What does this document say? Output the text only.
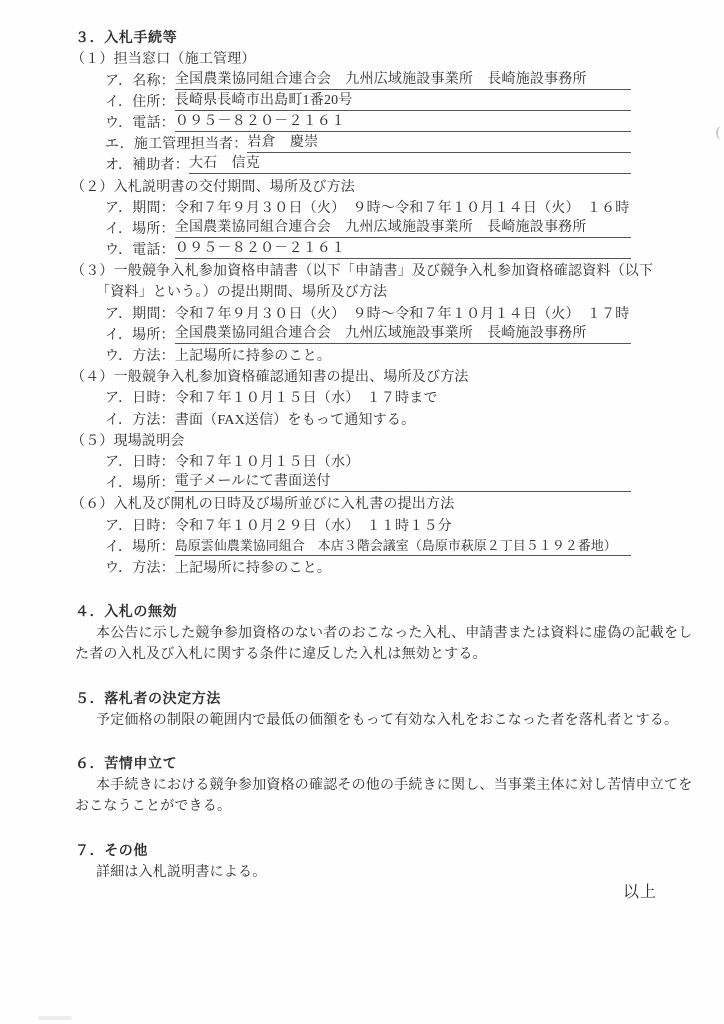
３．入札手続等
（１）担当窓口（施工管理）
ア．名称： 全国農業協同組合連合会　九州広域施設事業所　長崎施設事務所
イ．住所： 長崎県長崎市出島町1番20号
ウ．電話： ０９５－８２０－２１６１
エ．施工管理担当者： 岩倉　慶崇
オ．補助者： 大石　信克
（２）入札説明書の交付期間、場所及び方法
ア．期間：令和７年９月３０日（火）　９時～令和７年１０月１４日（火）　１６時
イ．場所： 全国農業協同組合連合会　九州広域施設事業所　長崎施設事務所
ウ．電話： ０９５－８２０－２１６１
（３）一般競争入札参加資格申請書（以下「申請書」及び競争入札参加資格確認資料（以下
「資料」という。）の提出期間、場所及び方法
ア．期間：令和７年９月３０日（火）　９時～令和７年１０月１４日（火）　１７時
イ．場所： 全国農業協同組合連合会　九州広域施設事業所　長崎施設事務所
ウ．方法：上記場所に持参のこと。
（４）一般競争入札参加資格確認通知書の提出、場所及び方法
ア．日時：令和７年１０月１５日（水）　１７時まで
イ．方法：書面（FAX送信）をもって通知する。
（５）現場説明会
ア．日時：令和７年１０月１５日（水）
イ．場所： 電子メールにて書面送付
（６）入札及び開札の日時及び場所並びに入札書の提出方法
ア．日時：令和７年１０月２９日（水）　１１時１５分
イ．場所： 島原雲仙農業協同組合　本店３階会議室（島原市萩原２丁目５１９２番地）
ウ．方法：上記場所に持参のこと。
４．入札の無効
本公告に示した競争参加資格のない者のおこなった入札、申請書または資料に虚偽の記載をし
た者の入札及び入札に関する条件に違反した入札は無効とする。
５．落札者の決定方法
予定価格の制限の範囲内で最低の価額をもって有効な入札をおこなった者を落札者とする。
６．苦情申立て
本手続きにおける競争参加資格の確認その他の手続きに関し、当事業主体に対し苦情申立てを
おこなうことができる。
７．その他
詳細は入札説明書による。
以上
